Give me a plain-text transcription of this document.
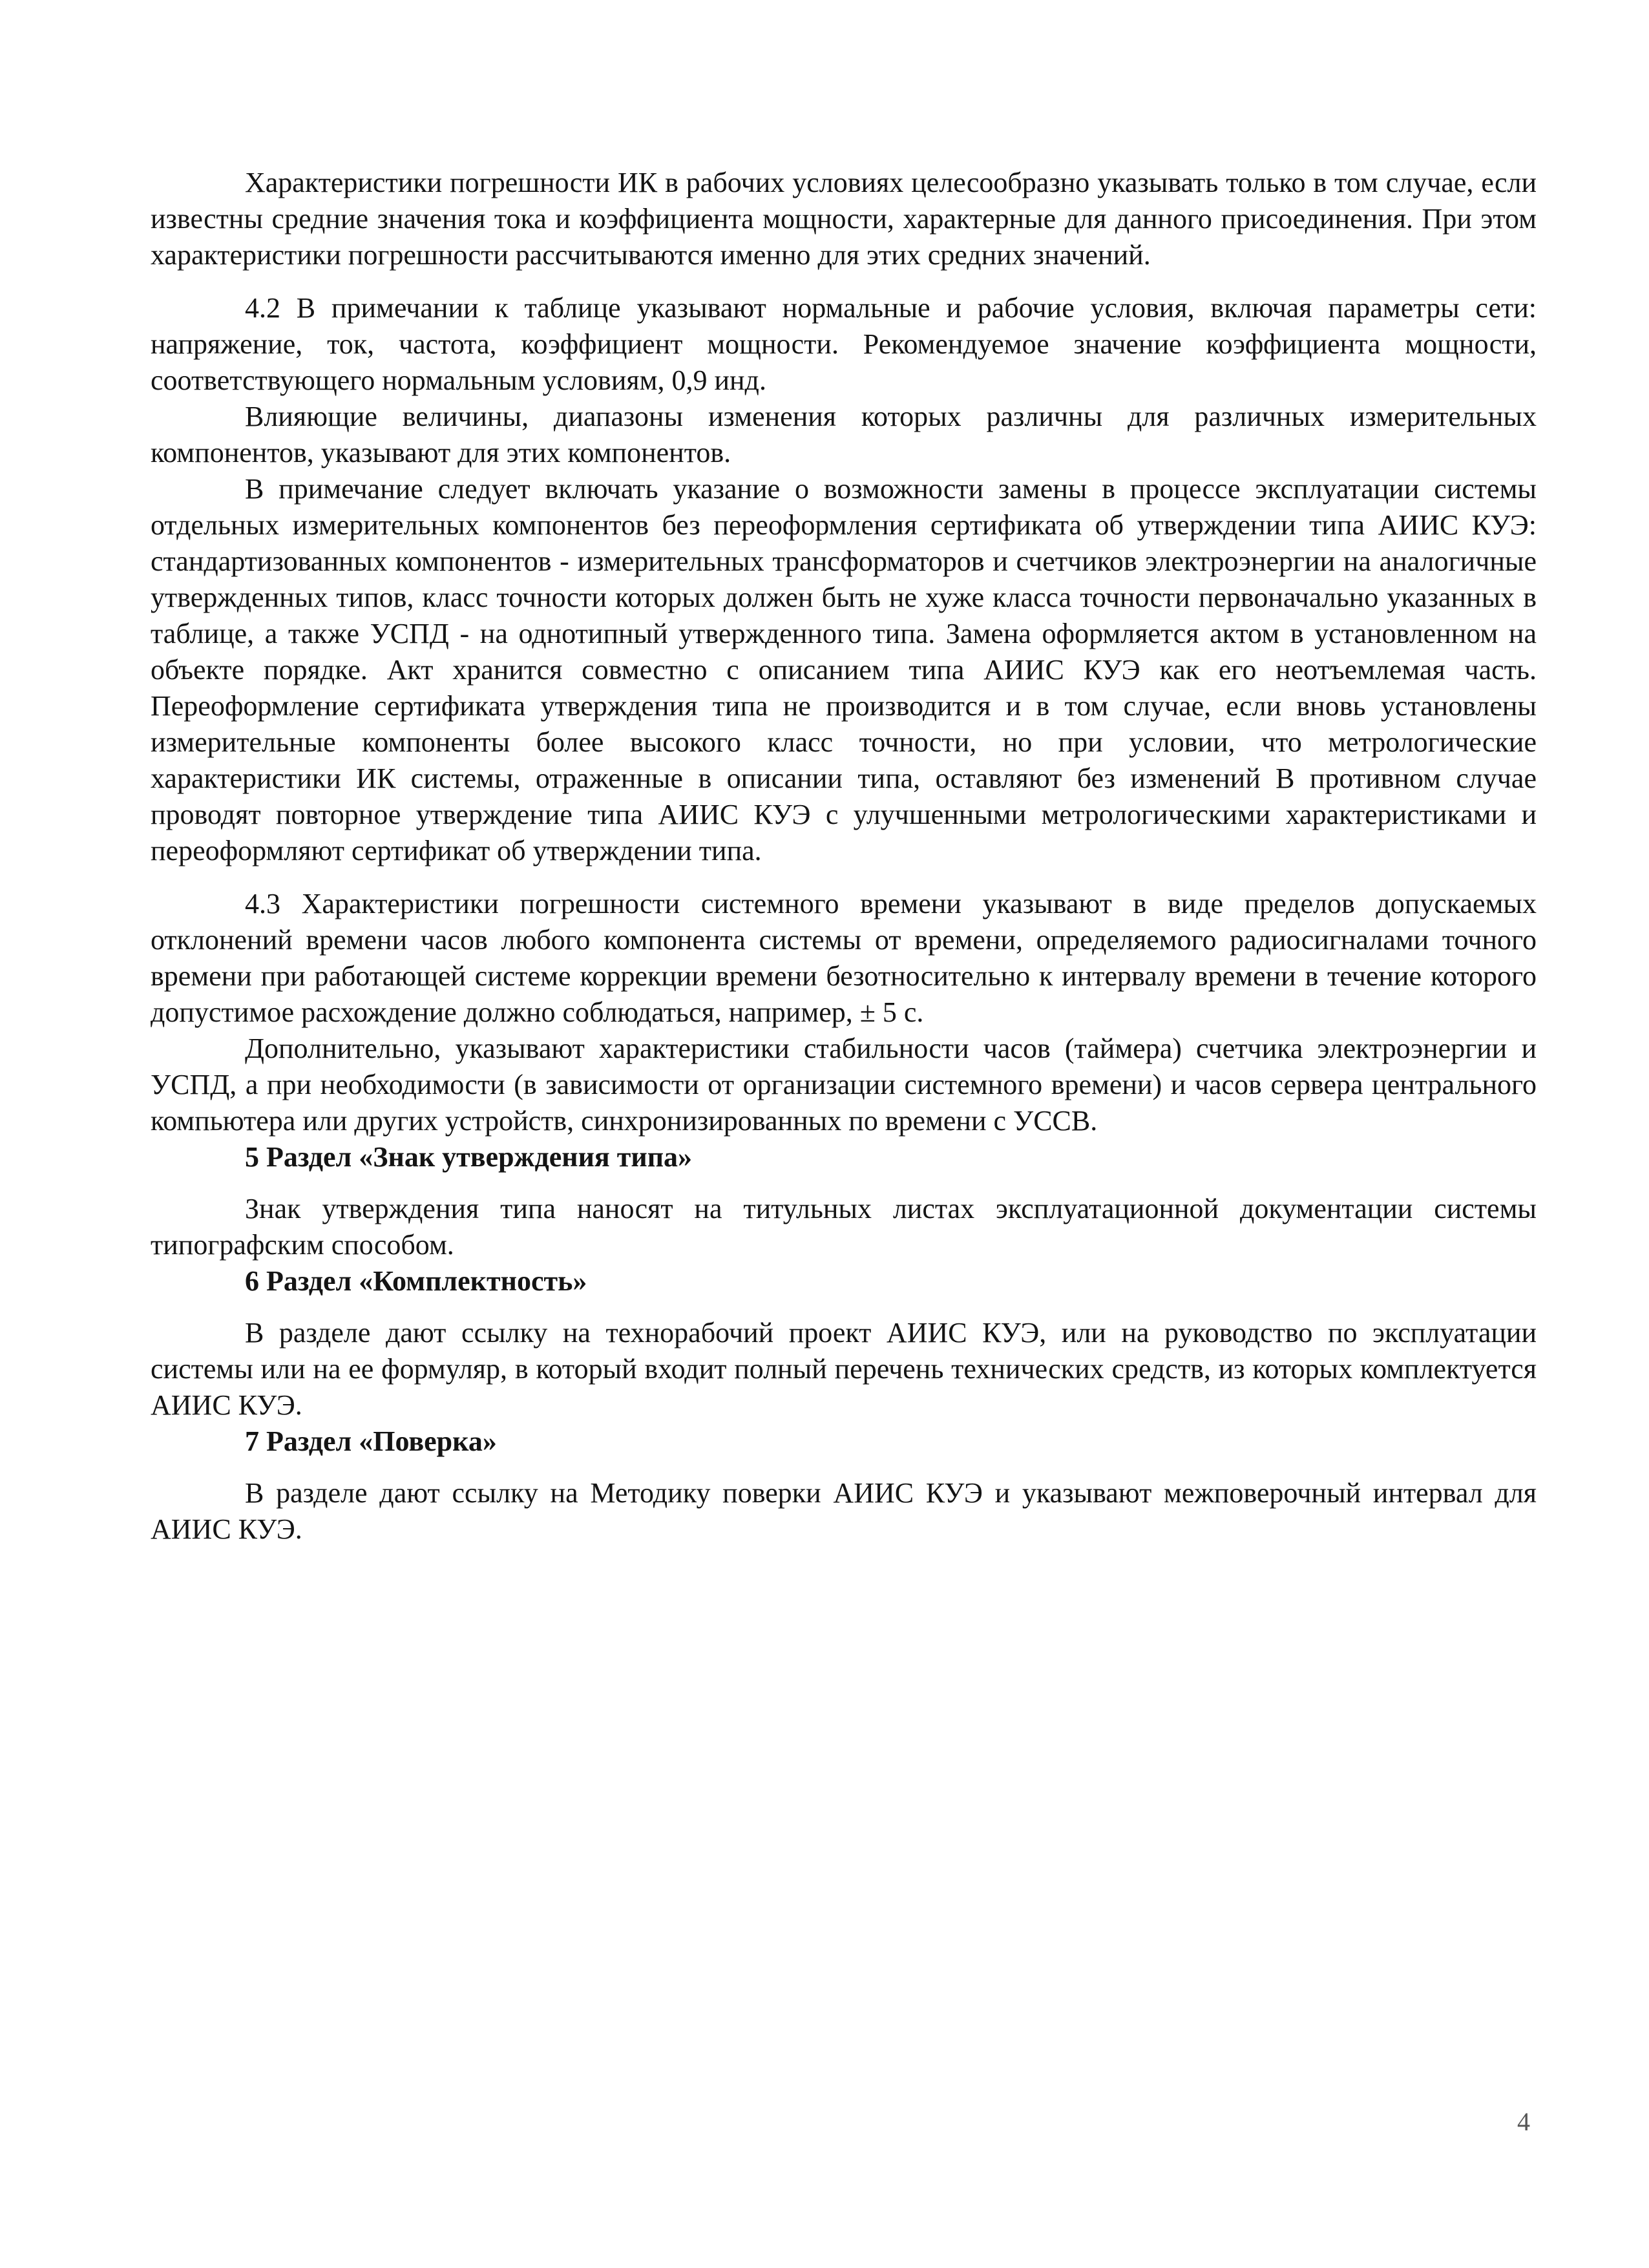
Характеристики погрешности ИК в рабочих условиях целесообразно указывать только в том случае, если известны средние значения тока и коэффициента мощности, характерные для данного присоединения. При этом характеристики погрешности рассчитываются именно для этих средних значений.

4.2 В примечании к таблице указывают нормальные и рабочие условия, включая параметры сети: напряжение, ток, частота, коэффициент мощности. Рекомендуемое значение коэффициента мощности, соответствующего нормальным условиям, 0,9 инд.

Влияющие величины, диапазоны изменения которых различны для различных измерительных компонентов, указывают для этих компонентов.

В примечание следует включать указание о возможности замены в процессе эксплуатации системы отдельных измерительных компонентов без переоформления сертификата об утверждении типа АИИС КУЭ: стандартизованных компонентов - измерительных трансформаторов и счетчиков электроэнергии на аналогичные утвержденных типов, класс точности которых должен быть не хуже класса точности первоначально указанных в таблице, а также УСПД - на однотипный утвержденного типа. Замена оформляется актом в установленном на объекте порядке. Акт хранится совместно с описанием типа АИИС КУЭ как его неотъемлемая часть. Переоформление сертификата утверждения типа не производится и в том случае, если вновь установлены измерительные компоненты более высокого класс точности, но при условии, что метрологические характеристики ИК системы, отраженные в описании типа, оставляют без изменений В противном случае проводят повторное утверждение типа АИИС КУЭ с улучшенными метрологическими характеристиками и переоформляют сертификат об утверждении типа.

4.3 Характеристики погрешности системного времени указывают в виде пределов допускаемых отклонений времени часов любого компонента системы от времени, определяемого радиосигналами точного времени при работающей системе коррекции времени безотносительно к интервалу времени в течение которого допустимое расхождение должно соблюдаться, например, ± 5 с.

Дополнительно, указывают характеристики стабильности часов (таймера) счетчика электроэнергии и УСПД, а при необходимости (в зависимости от организации системного времени) и часов сервера центрального компьютера или других устройств, синхронизированных по времени с УССВ.

5 Раздел «Знак утверждения типа»

Знак утверждения типа наносят на титульных листах эксплуатационной документации системы типографским способом.

6 Раздел «Комплектность»

В разделе дают ссылку на технорабочий проект АИИС КУЭ, или на руководство по эксплуатации системы или на ее формуляр, в который входит полный перечень технических средств, из которых комплектуется АИИС КУЭ.

7 Раздел «Поверка»

В разделе дают ссылку на Методику поверки АИИС КУЭ и указывают межповерочный интервал для АИИС КУЭ.

4
